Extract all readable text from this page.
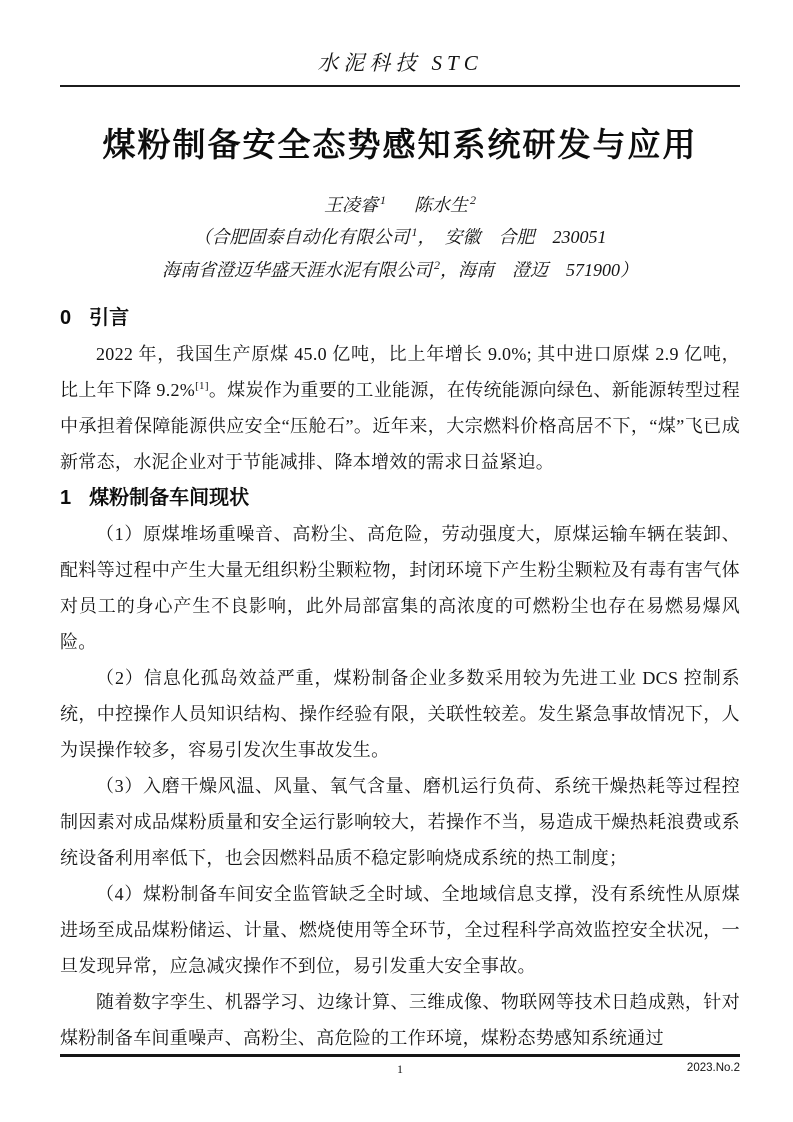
水泥科技 STC
煤粉制备安全态势感知系统研发与应用
王凌睿 $^1$ 陈水生 $^2$
（合肥固泰自动化有限公司 $^1$，　安徽　合肥　230051
海南省澄迈华盛天涯水泥有限公司 $^2$，海南　澄迈　571900）
0 引言

2022 年，我国生产原煤 45.0 亿吨，比上年增长 9.0%; 其中进口原煤 2.9 亿吨，比上年下降 9.2%[1]。煤炭作为重要的工业能源，在传统能源向绿色、新能源转型过程中承担着保障能源供应安全“压舱石”。近年来，大宗燃料价格高居不下，“煤”飞已成新常态，水泥企业对于节能减排、降本增效的需求日益紧迫。

1 煤粉制备车间现状

（1）原煤堆场重噪音、高粉尘、高危险，劳动强度大，原煤运输车辆在装卸、配料等过程中产生大量无组织粉尘颗粒物，封闭环境下产生粉尘颗粒及有毒有害气体对员工的身心产生不良影响，此外局部富集的高浓度的可燃粉尘也存在易燃易爆风险。

（2）信息化孤岛效益严重，煤粉制备企业多数采用较为先进工业 DCS 控制系统，中控操作人员知识结构、操作经验有限，关联性较差。发生紧急事故情况下，人为误操作较多，容易引发次生事故发生。

（3）入磨干燥风温、风量、氧气含量、磨机运行负荷、系统干燥热耗等过程控制因素对成品煤粉质量和安全运行影响较大，若操作不当，易造成干燥热耗浪费或系统设备利用率低下，也会因燃料品质不稳定影响烧成系统的热工制度；

（4）煤粉制备车间安全监管缺乏全时域、全地域信息支撑，没有系统性从原煤进场至成品煤粉储运、计量、燃烧使用等全环节，全过程科学高效监控安全状况，一旦发现异常，应急减灾操作不到位，易引发重大安全事故。

随着数字孪生、机器学习、边缘计算、三维成像、物联网等技术日趋成熟，针对煤粉制备车间重噪声、高粉尘、高危险的工作环境，煤粉态势感知系统通过

1	2023.No.2
